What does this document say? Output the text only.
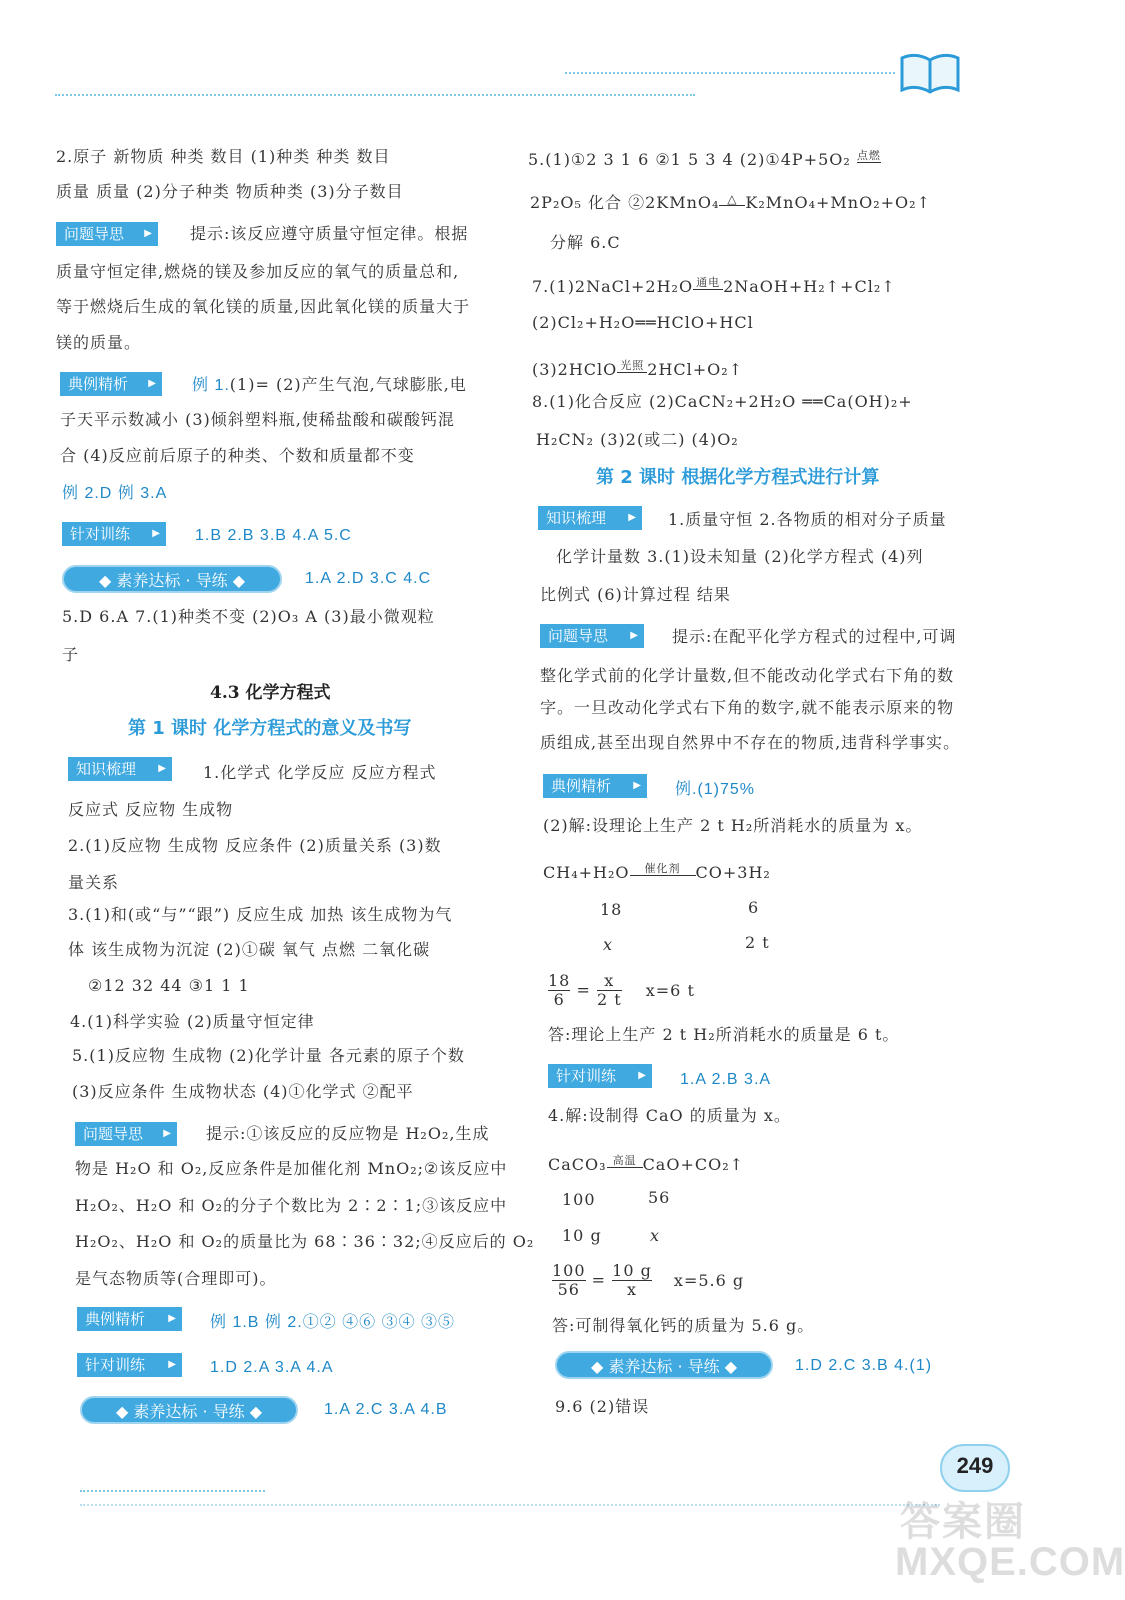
2.原子 新物质 种类 数目 (1)种类 种类 数目
质量 质量 (2)分子种类 物质种类 (3)分子数目
问题导思 ▶	提示:该反应遵守质量守恒定律。根据
质量守恒定律,燃烧的镁及参加反应的氧气的质量总和,
等于燃烧后生成的氧化镁的质量,因此氧化镁的质量大于
镁的质量。
典例精析 ▶	例 1.(1)= (2)产生气泡,气球膨胀,电
子天平示数减小 (3)倾斜塑料瓶,使稀盐酸和碳酸钙混
合 (4)反应前后原子的种类、个数和质量都不变
例 2.D 例 3.A
针对训练 ▶	1.B 2.B 3.B 4.A 5.C
◆ 素养达标 · 导练 ◆	1.A 2.D 3.C 4.C
5.D 6.A 7.(1)种类不变 (2)O₃ A (3)最小微观粒
子
4.3 化学方程式
第 1 课时 化学方程式的意义及书写
知识梳理 ▶	1.化学式 化学反应 反应方程式
反应式 反应物 生成物
2.(1)反应物 生成物 反应条件 (2)质量关系 (3)数
量关系
3.(1)和(或“与”“跟”) 反应生成 加热 该生成物为气
体 该生成物为沉淀 (2)①碳 氧气 点燃 二氧化碳
②12 32 44 ③1 1 1
4.(1)科学实验 (2)质量守恒定律
5.(1)反应物 生成物 (2)化学计量 各元素的原子个数
(3)反应条件 生成物状态 (4)①化学式 ②配平
问题导思 ▶	提示:①该反应的反应物是 H₂O₂,生成
物是 H₂O 和 O₂,反应条件是加催化剂 MnO₂;②该反应中
H₂O₂、H₂O 和 O₂的分子个数比为 2∶2∶1;③该反应中
H₂O₂、H₂O 和 O₂的质量比为 68∶36∶32;④反应后的 O₂
是气态物质等(合理即可)。
典例精析 ▶	例 1.B 例 2.①② ④⑥ ③④ ③⑤
针对训练 ▶	1.D 2.A 3.A 4.A
◆ 素养达标 · 导练 ◆	1.A 2.C 3.A 4.B
5.(1)①2 3 1 6 ②1 5 3 4 (2)①4P+5O₂ 点燃
2P₂O₅ 化合 ②2KMnO₄ △ K₂MnO₄+MnO₂+O₂↑
分解 6.C
7.(1)2NaCl+2H₂O 通电 2NaOH+H₂↑+Cl₂↑
(2)Cl₂+H₂O══HClO+HCl
(3)2HClO 光照 2HCl+O₂↑
8.(1)化合反应 (2)CaCN₂+2H₂O ══Ca(OH)₂+
H₂CN₂ (3)2(或二) (4)O₂
第 2 课时 根据化学方程式进行计算
知识梳理 ▶	1.质量守恒 2.各物质的相对分子质量
化学计量数 3.(1)设未知量 (2)化学方程式 (4)列
比例式 (6)计算过程 结果
问题导思 ▶	提示:在配平化学方程式的过程中,可调
整化学式前的化学计量数,但不能改动化学式右下角的数
字。一旦改动化学式右下角的数字,就不能表示原来的物
质组成,甚至出现自然界中不存在的物质,违背科学事实。
典例精析 ▶	例.(1)75%
(2)解:设理论上生产 2 t H₂所消耗水的质量为 x。
CH₄+H₂O 催化剂 CO+3H₂
18	6
x	2 t
$\frac{18}{6} = \frac{x}{2 t} x=6$ t
答:理论上生产 2 t H₂所消耗水的质量是 6 t。
针对训练 ▶	1.A 2.B 3.A
4.解:设制得 CaO 的质量为 x。
CaCO₃ 高温 CaO+CO₂↑
100	56
10 g	x
$\frac{100}{56} = \frac{10 g}{x} x=5.6$ g
答:可制得氧化钙的质量为 5.6 g。
◆ 素养达标 · 导练 ◆	1.D 2.C 3.B 4.(1)
9.6 (2)错误
249
答案圈
MXQE.COM
